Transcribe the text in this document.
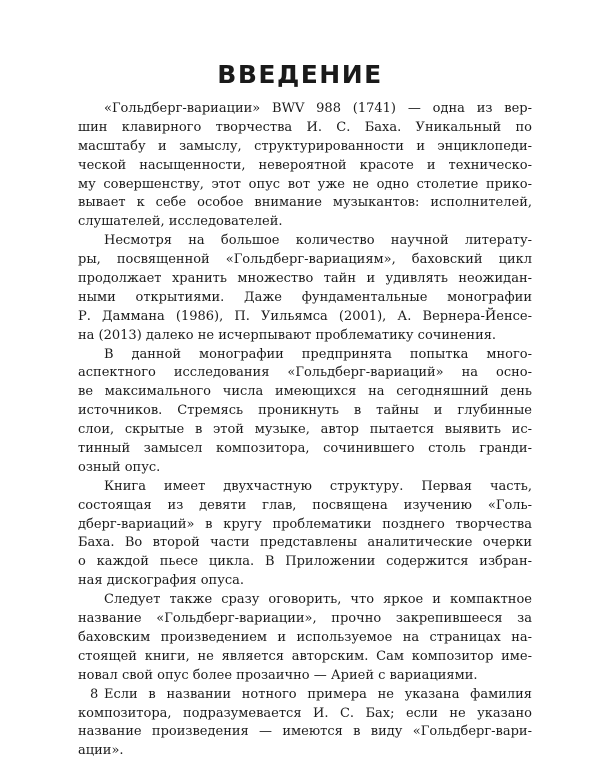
ВВЕДЕНИЕ
«Гольдберг-вариации» BWV 988 (1741) — одна из вер-
шин клавирного творчества И. С. Баха. Уникальный по
масштабу и замыслу, структурированности и энциклопеди-
ческой насыщенности, невероятной красоте и техническо-
му совершенству, этот опус вот уже не одно столетие прико-
вывает к себе особое внимание музыкантов: исполнителей,
слушателей, исследователей.
Несмотря на большое количество научной литерату-
ры, посвященной «Гольдберг-вариациям», баховский цикл
продолжает хранить множество тайн и удивлять неожидан-
ными открытиями. Даже фундаментальные монографии
Р. Даммана (1986), П. Уильямса (2001), А. Вернера-Йенсе-
на (2013) далеко не исчерпывают проблематику сочинения.
В данной монографии предпринята попытка много-
аспектного исследования «Гольдберг-вариаций» на осно-
ве максимального числа имеющихся на сегодняшний день
источников. Стремясь проникнуть в тайны и глубинные
слои, скрытые в этой музыке, автор пытается выявить ис-
тинный замысел композитора, сочинившего столь гранди-
озный опус.
Книга имеет двухчастную структуру. Первая часть,
состоящая из девяти глав, посвящена изучению «Голь-
дберг-вариаций» в кругу проблематики позднего творчества
Баха. Во второй части представлены аналитические очерки
о каждой пьесе цикла. В Приложении содержится избран-
ная дискография опуса.
Следует также сразу оговорить, что яркое и компактное
название «Гольдберг-вариации», прочно закрепившееся за
баховским произведением и используемое на страницах на-
стоящей книги, не является авторским. Сам композитор име-
новал свой опус более прозаично — Арией с вариациями.
Если в названии нотного примера не указана фамилия
композитора, подразумевается И. С. Бах; если не указано
название произведения — имеются в виду «Гольдберг-вари-
ации».
8
